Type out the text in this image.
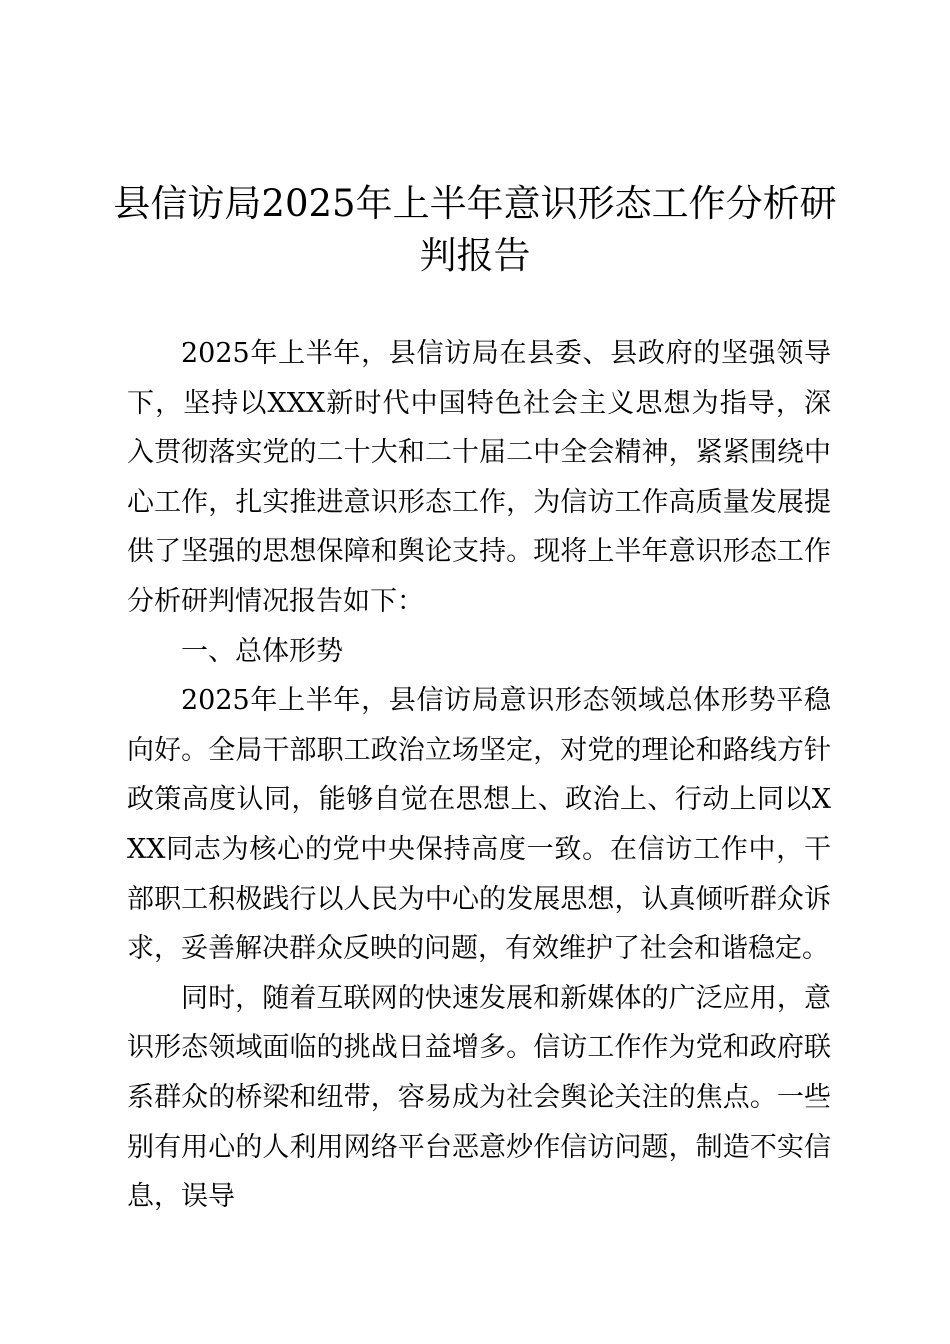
县信访局2025年上半年意识形态工作分析研
判报告

2025年上半年，县信访局在县委、县政府的坚强领导下，坚持以XXX新时代中国特色社会主义思想为指导，深入贯彻落实党的二十大和二十届二中全会精神，紧紧围绕中心工作，扎实推进意识形态工作，为信访工作高质量发展提供了坚强的思想保障和舆论支持。现将上半年意识形态工作分析研判情况报告如下：

一、总体形势

2025年上半年，县信访局意识形态领域总体形势平稳向好。全局干部职工政治立场坚定，对党的理论和路线方针政策高度认同，能够自觉在思想上、政治上、行动上同以XXX同志为核心的党中央保持高度一致。在信访工作中，干部职工积极践行以人民为中心的发展思想，认真倾听群众诉求，妥善解决群众反映的问题，有效维护了社会和谐稳定。

同时，随着互联网的快速发展和新媒体的广泛应用，意识形态领域面临的挑战日益增多。信访工作作为党和政府联系群众的桥梁和纽带，容易成为社会舆论关注的焦点。一些别有用心的人利用网络平台恶意炒作信访问题，制造不实信息，误导
